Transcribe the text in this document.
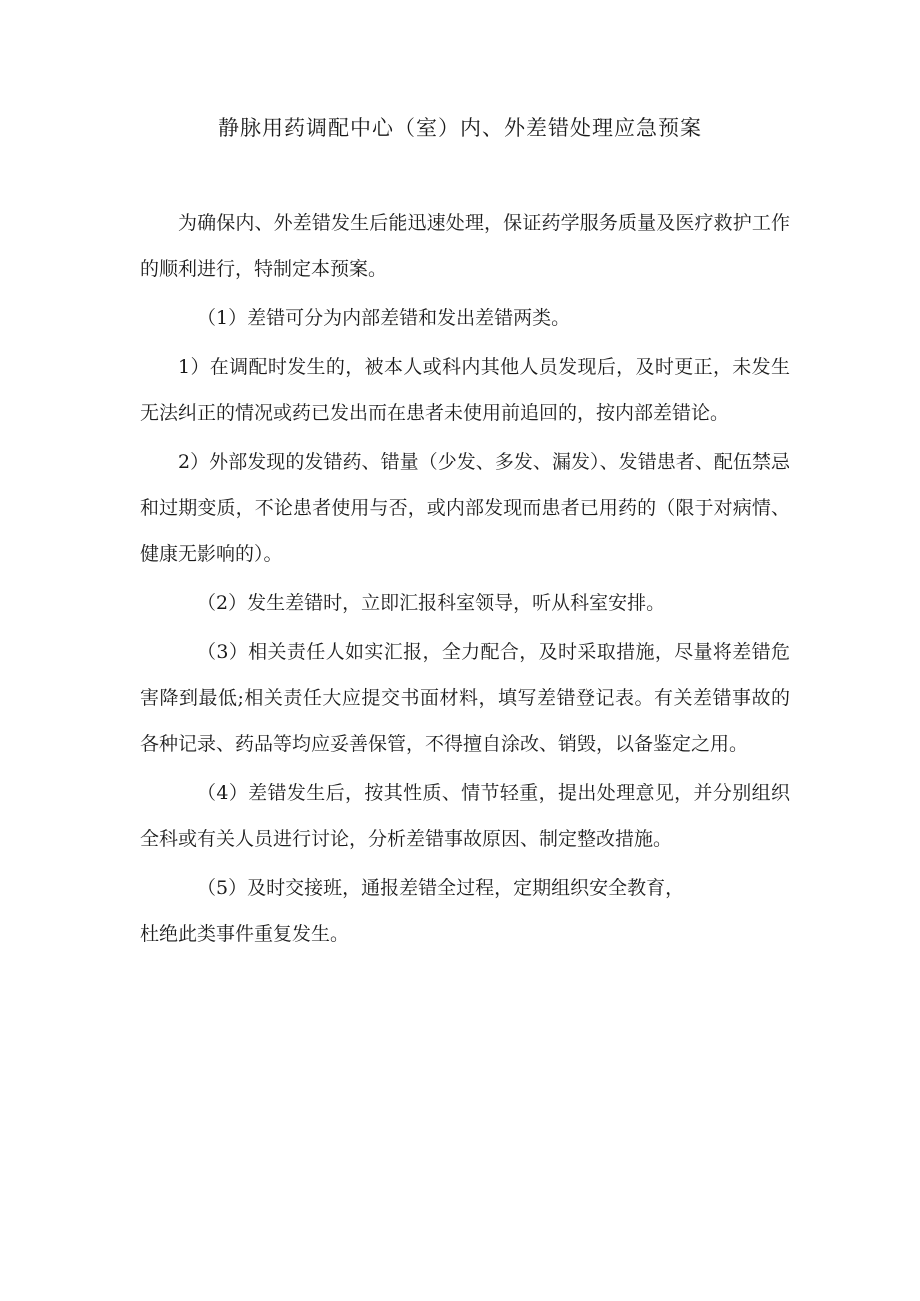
静脉用药调配中心（室）内、外差错处理应急预案

为确保内、外差错发生后能迅速处理，保证药学服务质量及医疗救护工作的顺利进行，特制定本预案。

（1）差错可分为内部差错和发出差错两类。

1）在调配时发生的，被本人或科内其他人员发现后，及时更正，未发生无法纠正的情况或药已发出而在患者未使用前追回的，按内部差错论。

2）外部发现的发错药、错量（少发、多发、漏发）、发错患者、配伍禁忌和过期变质，不论患者使用与否，或内部发现而患者已用药的（限于对病情、健康无影响的）。

（2）发生差错时，立即汇报科室领导，听从科室安排。

（3）相关责任人如实汇报，全力配合，及时采取措施，尽量将差错危害降到最低;相关责任大应提交书面材料，填写差错登记表。有关差错事故的各种记录、药品等均应妥善保管，不得擅自涂改、销毁，以备鉴定之用。

（4）差错发生后，按其性质、情节轻重，提出处理意见，并分别组织全科或有关人员进行讨论，分析差错事故原因、制定整改措施。

（5）及时交接班，通报差错全过程，定期组织安全教育，

杜绝此类事件重复发生。
